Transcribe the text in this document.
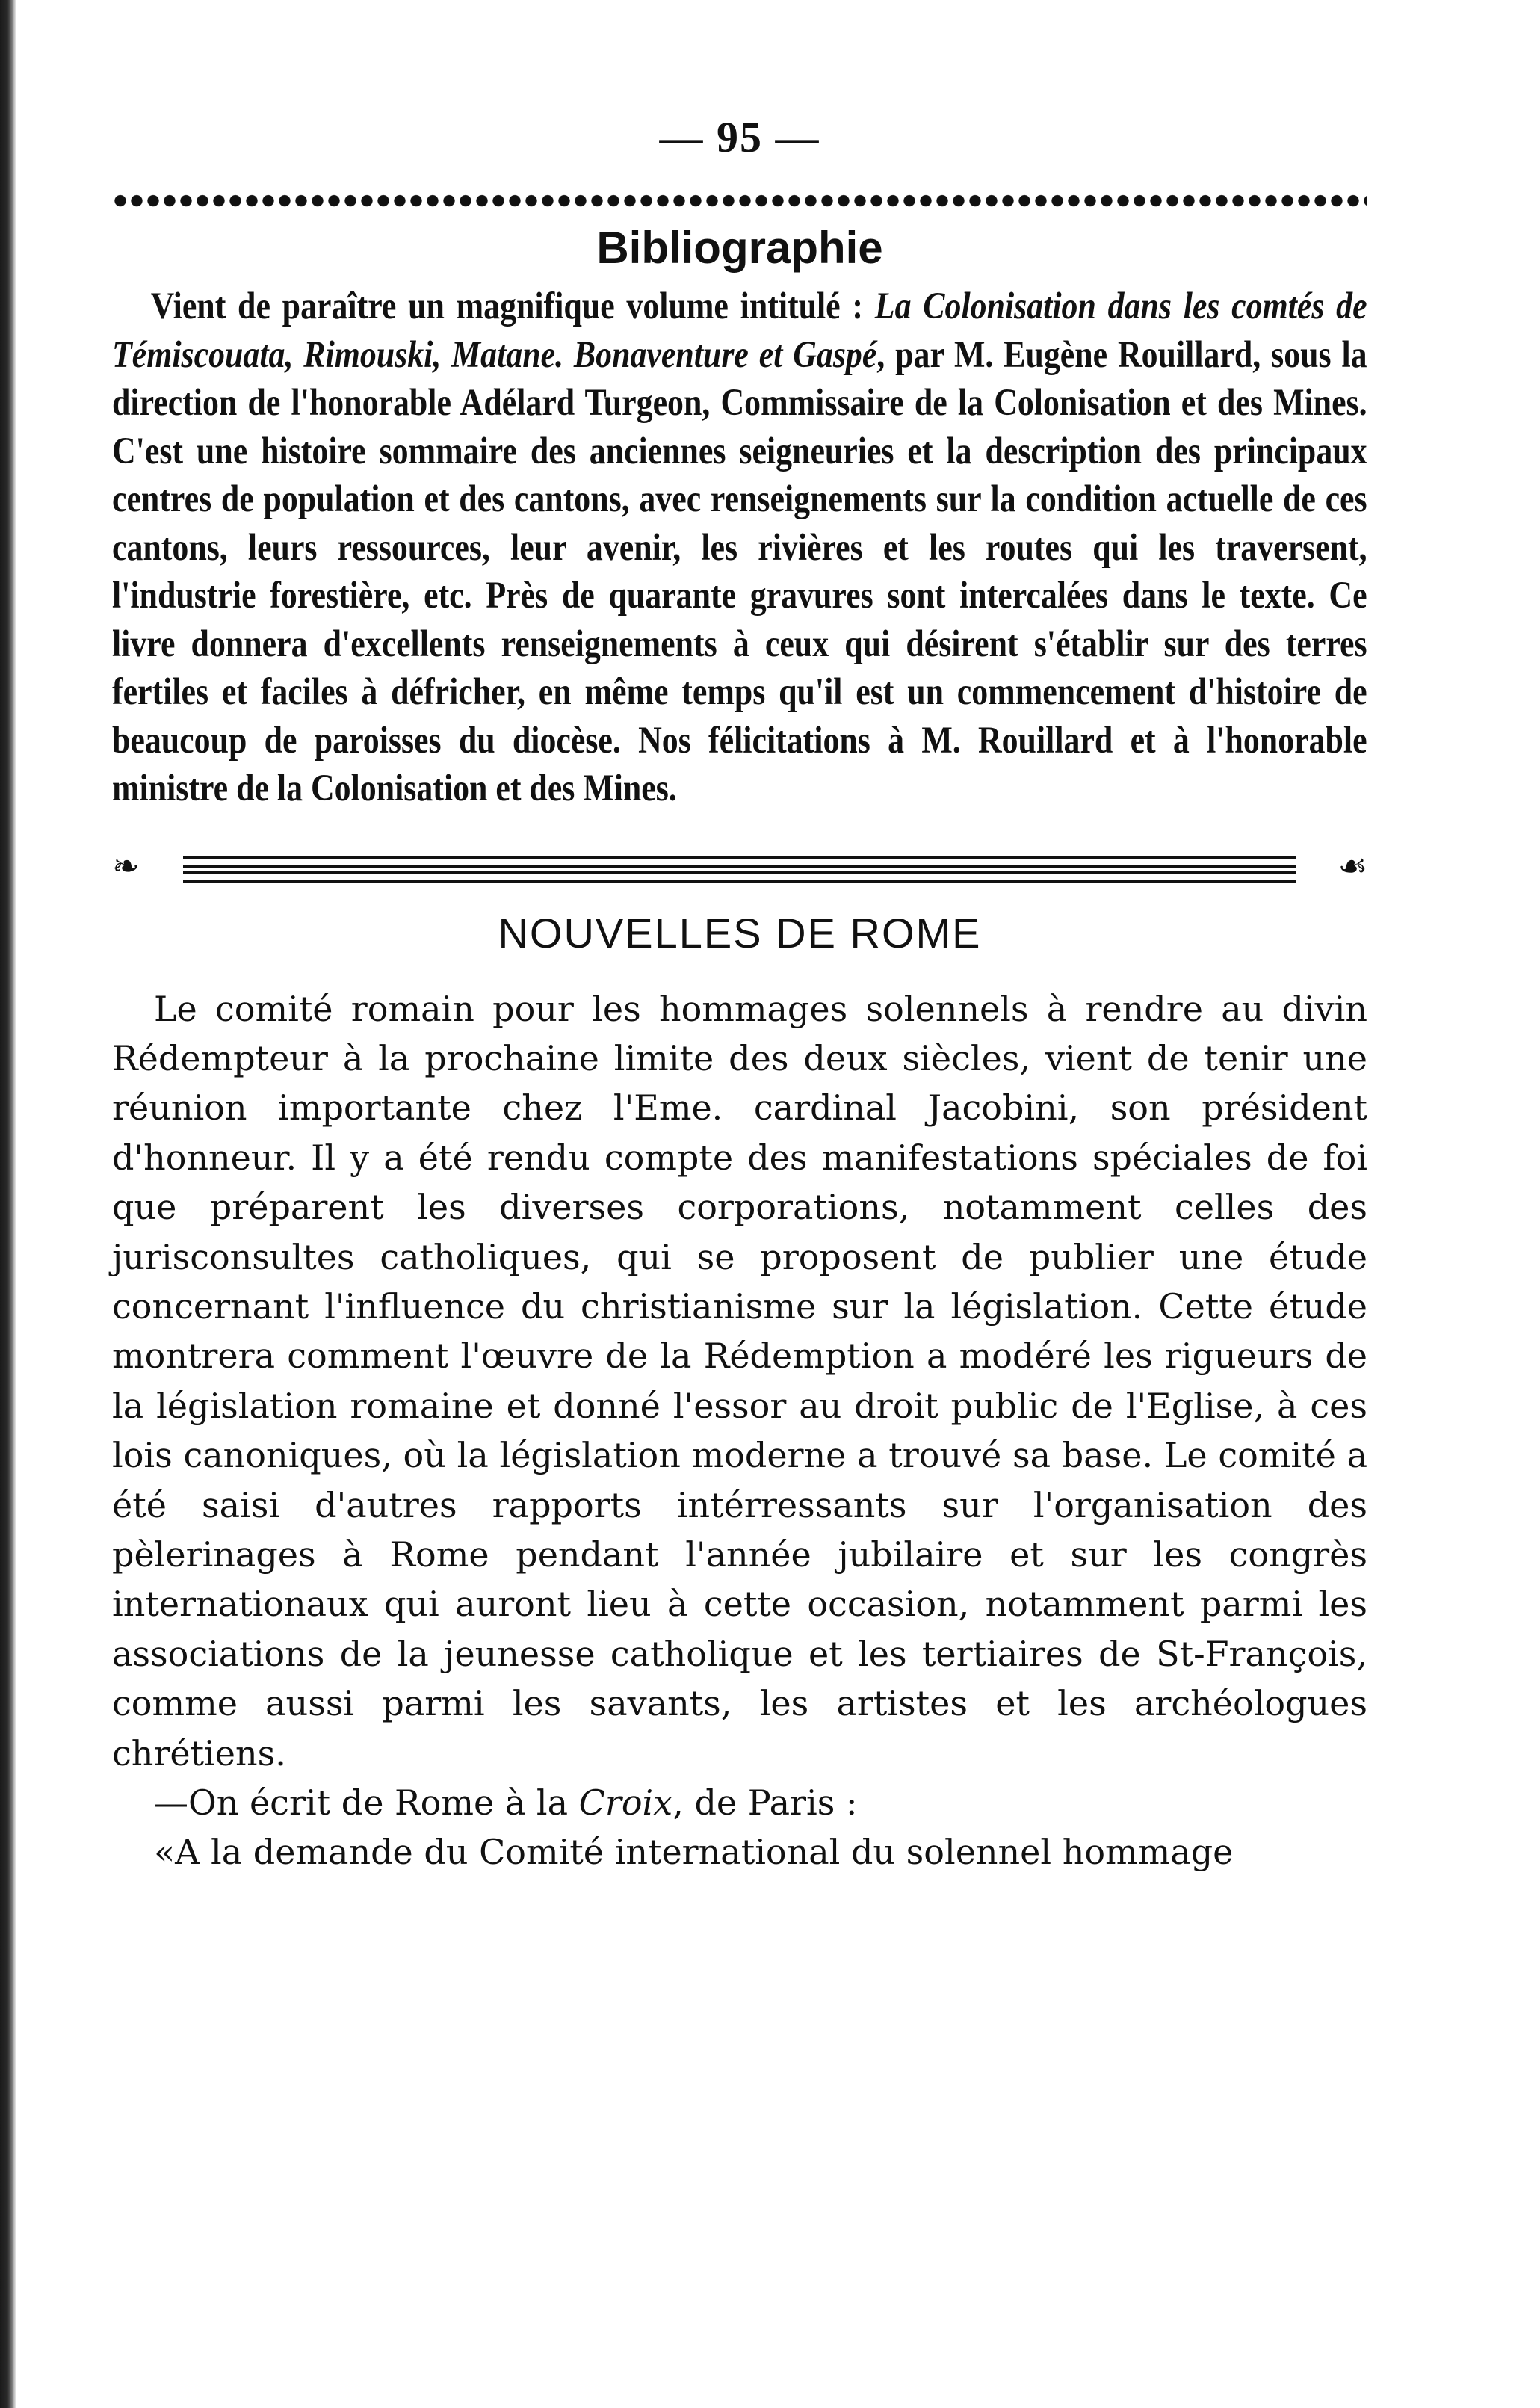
— 95 —
Bibliographie

Vient de paraître un magnifique volume intitulé : La Colonisation dans les comtés de Témiscouata, Rimouski, Matane. Bonaventure et Gaspé, par M. Eugène Rouillard, sous la direction de l'honorable Adélard Turgeon, Commissaire de la Colonisation et des Mines. C'est une histoire sommaire des anciennes seigneuries et la description des principaux centres de population et des cantons, avec renseignements sur la condition actuelle de ces cantons, leurs ressources, leur avenir, les rivières et les routes qui les traversent, l'industrie forestière, etc. Près de quarante gravures sont intercalées dans le texte. Ce livre donnera d'excellents renseignements à ceux qui désirent s'établir sur des terres fertiles et faciles à défricher, en même temps qu'il est un commencement d'histoire de beaucoup de paroisses du diocèse. Nos félicitations à M. Rouillard et à l'honorable ministre de la Colonisation et des Mines.

❧	☙
NOUVELLES DE ROME

Le comité romain pour les hommages solennels à rendre au divin Rédempteur à la prochaine limite des deux siècles, vient de tenir une réunion importante chez l'Eme. cardinal Jacobini, son président d'honneur. Il y a été rendu compte des manifestations spéciales de foi que préparent les diverses corporations, notamment celles des jurisconsultes catholiques, qui se proposent de publier une étude concernant l'influence du christianisme sur la législation. Cette étude montrera comment l'œuvre de la Rédemption a modéré les rigueurs de la législation romaine et donné l'essor au droit public de l'Eglise, à ces lois canoniques, où la législation moderne a trouvé sa base. Le comité a été saisi d'autres rapports intérressants sur l'organisation des pèlerinages à Rome pendant l'année jubilaire et sur les congrès internationaux qui auront lieu à cette occasion, notamment parmi les associations de la jeunesse catholique et les tertiaires de St-François, comme aussi parmi les savants, les artistes et les archéologues chrétiens.

—On écrit de Rome à la Croix, de Paris :

«A la demande du Comité international du solennel hommage
